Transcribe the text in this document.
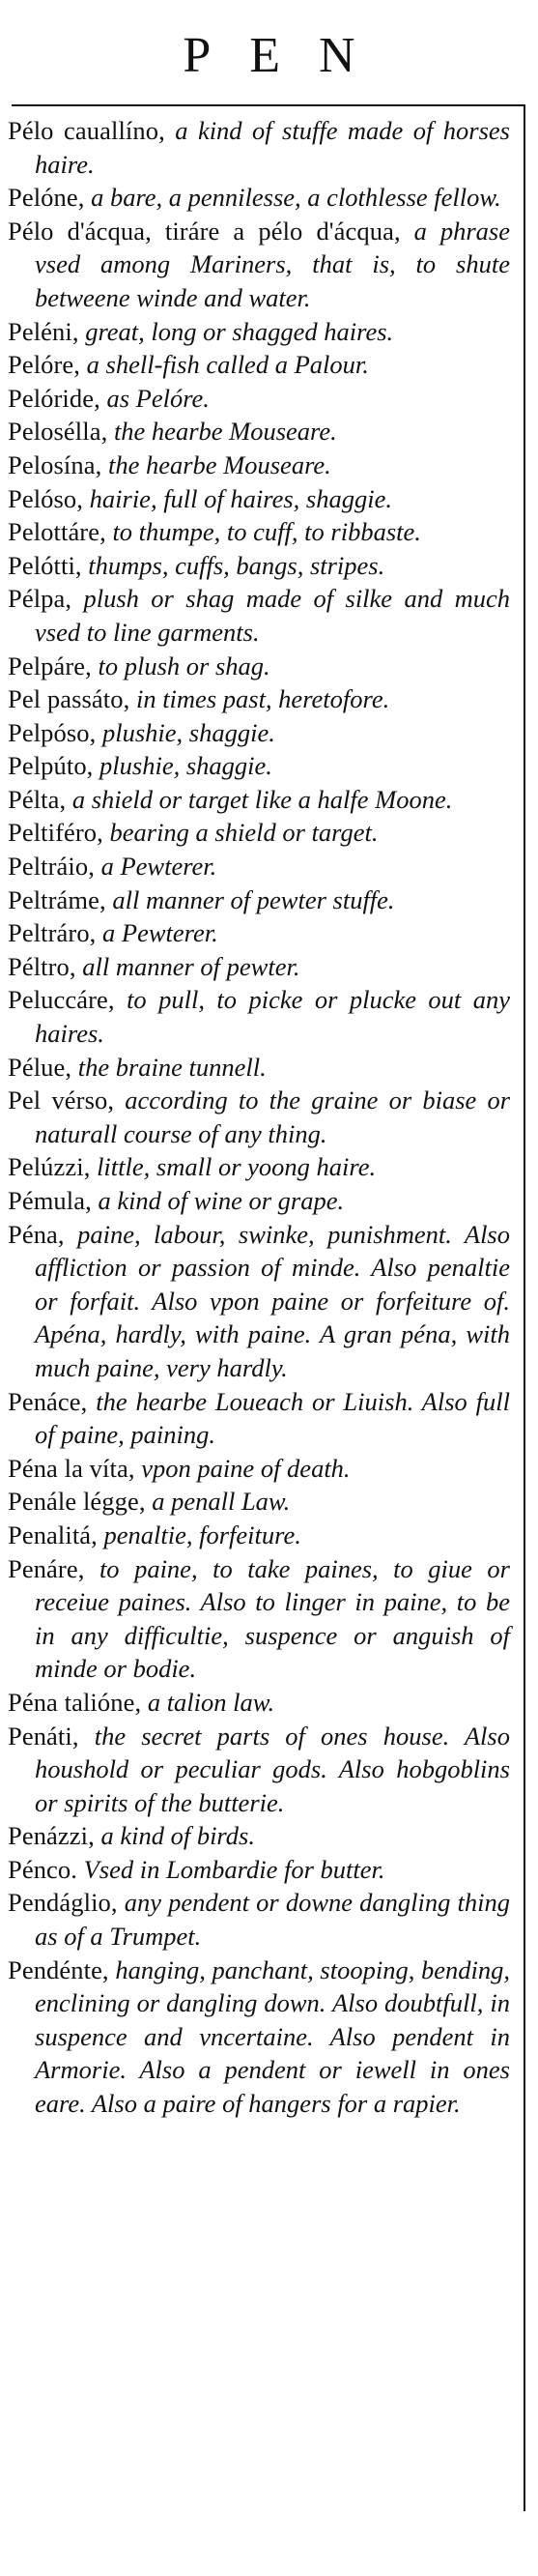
PEN

Pélo cauallíno, a kind of stuffe made of horses haire.

Pelóne, a bare, a pennilesse, a clothlesse fellow.

Pélo d'ácqua, tiráre a pélo d'ácqua, a phrase vsed among Mariners, that is, to shute betweene winde and water.

Peléni, great, long or shagged haires.

Pelóre, a shell-fish called a Palour.

Pelóride, as Pelóre.

Pelosélla, the hearbe Mouseare.

Pelosína, the hearbe Mouseare.

Pelóso, hairie, full of haires, shaggie.

Pelottáre, to thumpe, to cuff, to ribbaste.

Pelótti, thumps, cuffs, bangs, stripes.

Pélpa, plush or shag made of silke and much vsed to line garments.

Pelpáre, to plush or shag.

Pel passáto, in times past, heretofore.

Pelpóso, plushie, shaggie.

Pelpúto, plushie, shaggie.

Pélta, a shield or target like a halfe Moone.

Peltiféro, bearing a shield or target.

Peltráio, a Pewterer.

Peltráme, all manner of pewter stuffe.

Peltráro, a Pewterer.

Péltro, all manner of pewter.

Peluccáre, to pull, to picke or plucke out any haires.

Pélue, the braine tunnell.

Pel vérso, according to the graine or biase or naturall course of any thing.

Pelúzzi, little, small or yoong haire.

Pémula, a kind of wine or grape.

Péna, paine, labour, swinke, punishment. Also affliction or passion of minde. Also penaltie or forfait. Also vpon paine or forfeiture of. Apéna, hardly, with paine. A gran péna, with much paine, very hardly.

Penáce, the hearbe Loueach or Liuish. Also full of paine, paining.

Péna la víta, vpon paine of death.

Penále légge, a penall Law.

Penalitá, penaltie, forfeiture.

Penáre, to paine, to take paines, to giue or receiue paines. Also to linger in paine, to be in any difficultie, suspence or anguish of minde or bodie.

Péna talióne, a talion law.

Penáti, the secret parts of ones house. Also houshold or peculiar gods. Also hobgoblins or spirits of the butterie.

Penázzi, a kind of birds.

Pénco. Vsed in Lombardie for butter.

Pendáglio, any pendent or downe dangling thing as of a Trumpet.

Pendénte, hanging, panchant, stooping, bending, enclining or dangling down. Also doubtfull, in suspence and vncertaine. Also pendent in Armorie. Also a pendent or iewell in ones eare. Also a paire of hangers for a rapier.
